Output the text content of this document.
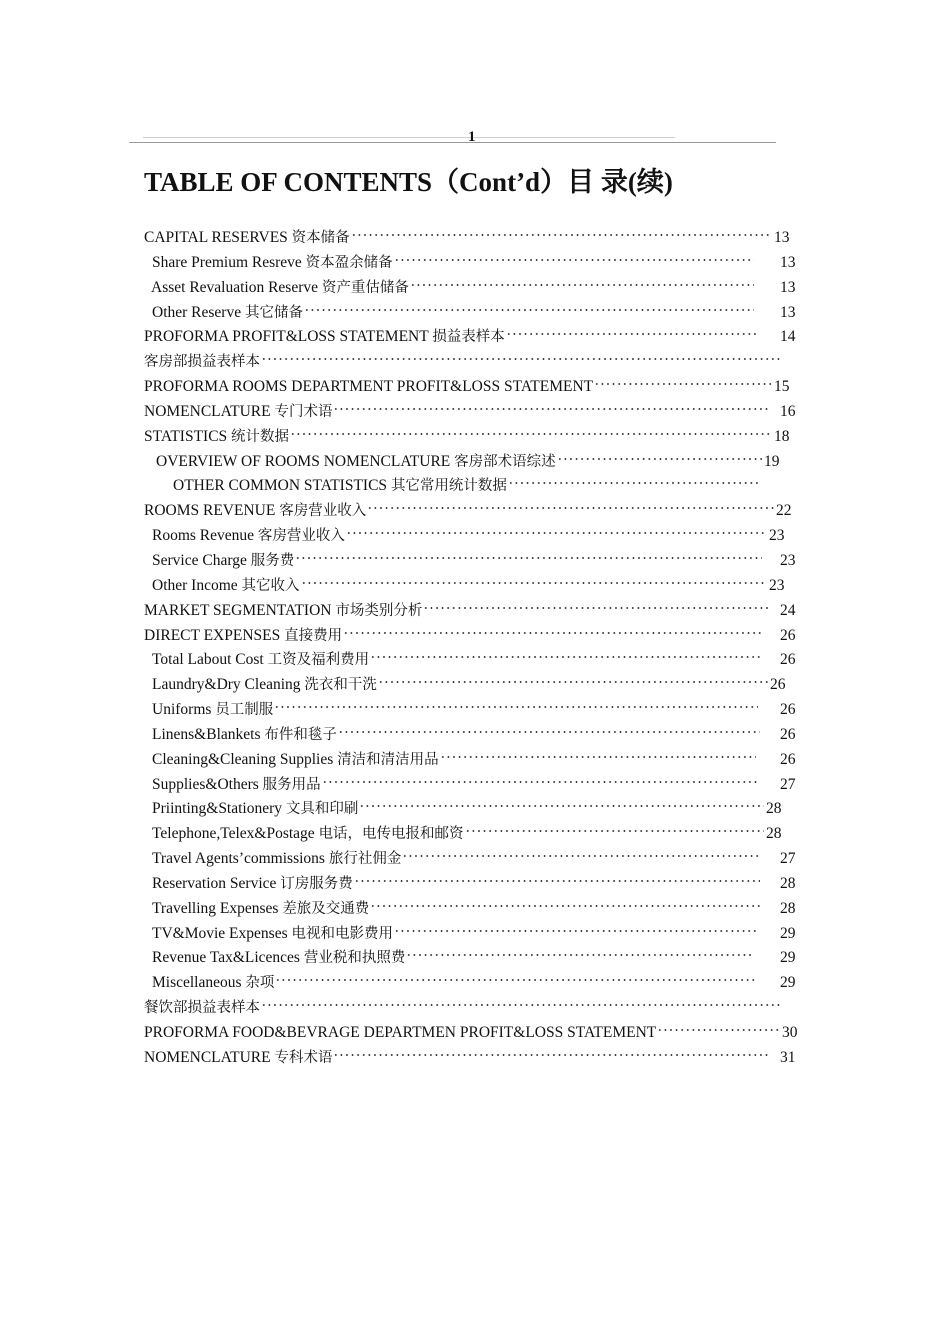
1
TABLE OF CONTENTS（Cont’d）目 录(续)
CAPITAL RESERVES 资本储备	13
Share Premium Resreve 资本盈余储备	13
Asset Revaluation Reserve 资产重估储备	13
Other Reserve 其它储备	13
PROFORMA PROFIT&LOSS STATEMENT 损益表样本	14
客房部损益表样本
PROFORMA ROOMS DEPARTMENT PROFIT&LOSS STATEMENT	15
NOMENCLATURE 专门术语	16
STATISTICS 统计数据	18
OVERVIEW OF ROOMS NOMENCLATURE 客房部术语综述	19
OTHER COMMON STATISTICS 其它常用统计数据
ROOMS REVENUE 客房营业收入	22
Rooms Revenue 客房营业收入	23
Service Charge 服务费	23
Other Income 其它收入	23
MARKET SEGMENTATION 市场类别分析	24
DIRECT EXPENSES 直接费用	26
Total Labout Cost 工资及福利费用	26
Laundry&Dry Cleaning 洗衣和干洗	26
Uniforms 员工制服	26
Linens&Blankets 布件和毯子	26
Cleaning&Cleaning Supplies 清洁和清洁用品	26
Supplies&Others 服务用品	27
Priinting&Stationery 文具和印刷	28
Telephone,Telex&Postage 电话，电传电报和邮资	28
Travel Agents’commissions 旅行社佣金	27
Reservation Service 订房服务费	28
Travelling Expenses 差旅及交通费	28
TV&Movie Expenses 电视和电影费用	29
Revenue Tax&Licences 营业税和执照费	29
Miscellaneous 杂项	29
餐饮部损益表样本
PROFORMA FOOD&BEVRAGE DEPARTMEN PROFIT&LOSS STATEMENT	30
NOMENCLATURE 专科术语	31
